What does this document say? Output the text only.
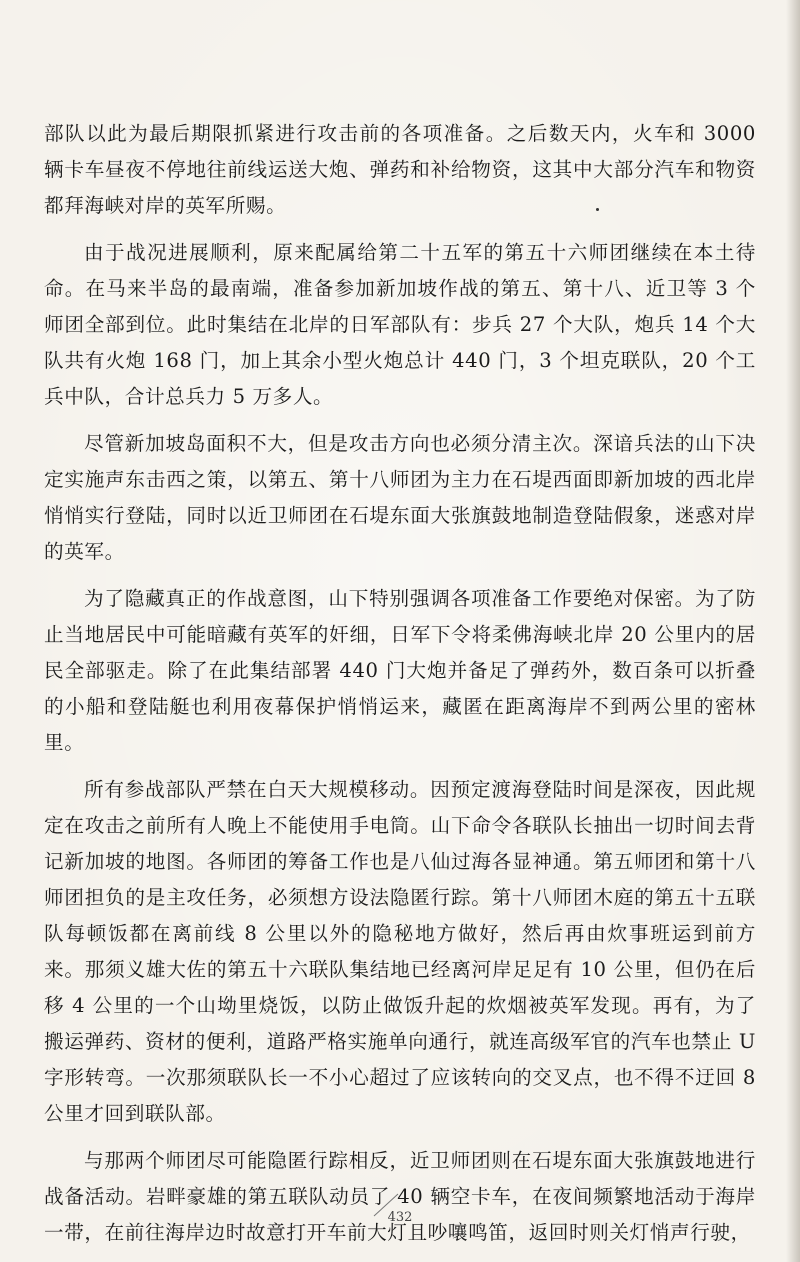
部队以此为最后期限抓紧进行攻击前的各项准备。之后数天内，火车和 3000 辆卡车昼夜不停地往前线运送大炮、弹药和补给物资，这其中大部分汽车和物资都拜海峡对岸的英军所赐。

由于战况进展顺利，原来配属给第二十五军的第五十六师团继续在本土待命。在马来半岛的最南端，准备参加新加坡作战的第五、第十八、近卫等 3 个师团全部到位。此时集结在北岸的日军部队有：步兵 27 个大队，炮兵 14 个大队共有火炮 168 门，加上其余小型火炮总计 440 门，3 个坦克联队，20 个工兵中队，合计总兵力 5 万多人。

尽管新加坡岛面积不大，但是攻击方向也必须分清主次。深谙兵法的山下决定实施声东击西之策，以第五、第十八师团为主力在石堤西面即新加坡的西北岸悄悄实行登陆，同时以近卫师团在石堤东面大张旗鼓地制造登陆假象，迷惑对岸的英军。

为了隐藏真正的作战意图，山下特别强调各项准备工作要绝对保密。为了防止当地居民中可能暗藏有英军的奸细，日军下令将柔佛海峡北岸 20 公里内的居民全部驱走。除了在此集结部署 440 门大炮并备足了弹药外，数百条可以折叠的小船和登陆艇也利用夜幕保护悄悄运来，藏匿在距离海岸不到两公里的密林里。

所有参战部队严禁在白天大规模移动。因预定渡海登陆时间是深夜，因此规定在攻击之前所有人晚上不能使用手电筒。山下命令各联队长抽出一切时间去背记新加坡的地图。各师团的筹备工作也是八仙过海各显神通。第五师团和第十八师团担负的是主攻任务，必须想方设法隐匿行踪。第十八师团木庭的第五十五联队每顿饭都在离前线 8 公里以外的隐秘地方做好，然后再由炊事班运到前方来。那须义雄大佐的第五十六联队集结地已经离河岸足足有 10 公里，但仍在后移 4 公里的一个山坳里烧饭，以防止做饭升起的炊烟被英军发现。再有，为了搬运弹药、资材的便利，道路严格实施单向通行，就连高级军官的汽车也禁止 U 字形转弯。一次那须联队长一不小心超过了应该转向的交叉点，也不得不迂回 8 公里才回到联队部。

与那两个师团尽可能隐匿行踪相反，近卫师团则在石堤东面大张旗鼓地进行战备活动。岩畔豪雄的第五联队动员了 40 辆空卡车，在夜间频繁地活动于海岸一带，在前往海岸边时故意打开车前大灯且吵嚷鸣笛，返回时则关灯悄声行驶，

432
